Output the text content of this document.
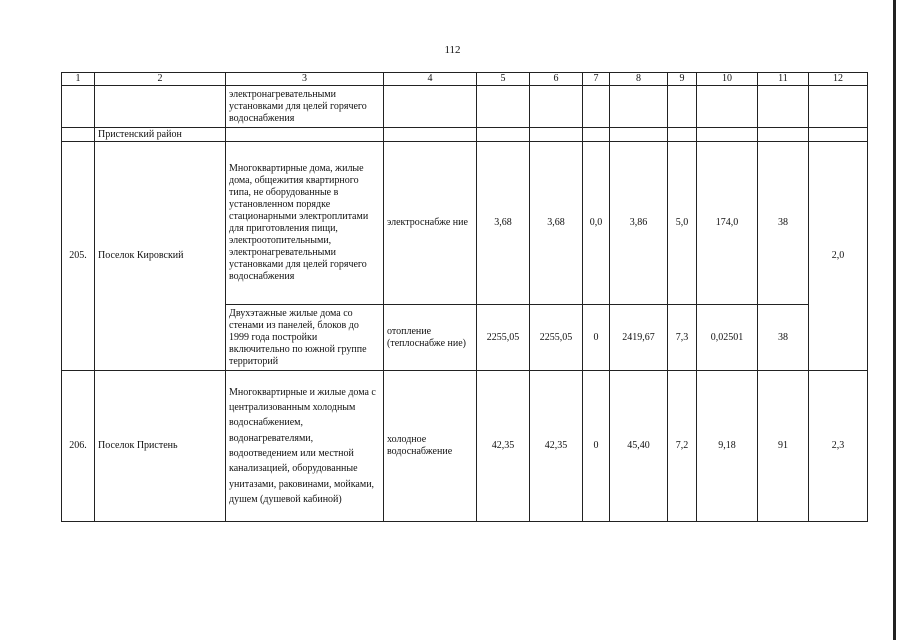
112
1	2	3	4	5	6	7	8	9	10	11	12
		электронагревательными установками для целей горячего водоснабжения									
	Пристенский район										
205.	Поселок Кировский	Многоквартирные дома, жилые дома, общежития квартирного типа, не оборудованные в установленном порядке стационарными электроплитами для приготовления пищи, электроотопительными, электронагревательными установками для целей горячего водоснабжения	электроснабже ние	3,68	3,68	0,0	3,86	5,0	174,0	38	2,0
		Двухэтажные жилые дома со стенами из панелей, блоков до 1999 года постройки включительно по южной группе территорий	отопление (теплоснабже ние)	2255,05	2255,05	0	2419,67	7,3	0,02501	38	
206.	Поселок Пристень	Многоквартирные и жилые дома с централизованным холодным водоснабжением, водонагревателями, водоотведением или местной канализацией, оборудованные унитазами, раковинами, мойками, душем (душевой кабиной)	холодное водоснабжение	42,35	42,35	0	45,40	7,2	9,18	91	2,3
